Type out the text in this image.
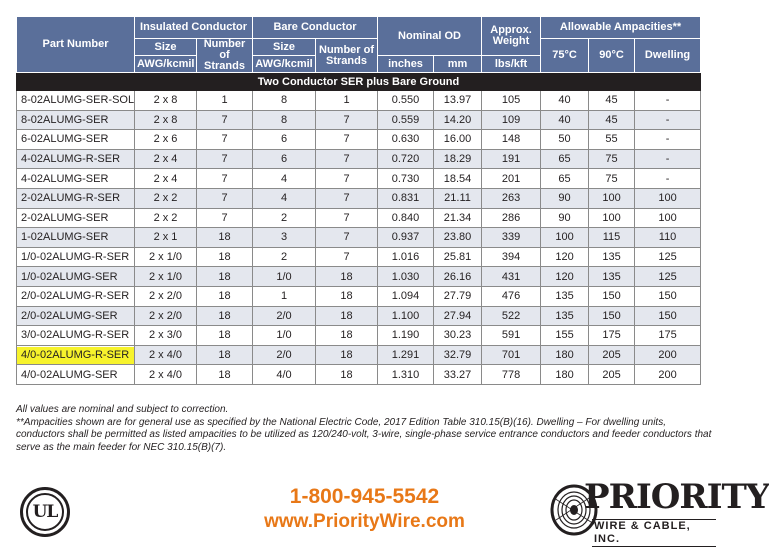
Part Number	Insulated Conductor		Bare Conductor		Nominal OD		Approx. Weight	Allowable Ampacities**		
	Size	Number of Strands	Size	Number of Strands				75°C	90°C	Dwelling
	AWG/kcmil		AWG/kcmil		inches	mm	lbs/kft			
Two Conductor SER plus Bare Ground										
8-02ALUMG-SER-SOL	2 x 8	1	8	1	0.550	13.97	105	40	45	-
8-02ALUMG-SER	2 x 8	7	8	7	0.559	14.20	109	40	45	-
6-02ALUMG-SER	2 x 6	7	6	7	0.630	16.00	148	50	55	-
4-02ALUMG-R-SER	2 x 4	7	6	7	0.720	18.29	191	65	75	-
4-02ALUMG-SER	2 x 4	7	4	7	0.730	18.54	201	65	75	-
2-02ALUMG-R-SER	2 x 2	7	4	7	0.831	21.11	263	90	100	100
2-02ALUMG-SER	2 x 2	7	2	7	0.840	21.34	286	90	100	100
1-02ALUMG-SER	2 x 1	18	3	7	0.937	23.80	339	100	115	110
1/0-02ALUMG-R-SER	2 x 1/0	18	2	7	1.016	25.81	394	120	135	125
1/0-02ALUMG-SER	2 x 1/0	18	1/0	18	1.030	26.16	431	120	135	125
2/0-02ALUMG-R-SER	2 x 2/0	18	1	18	1.094	27.79	476	135	150	150
2/0-02ALUMG-SER	2 x 2/0	18	2/0	18	1.100	27.94	522	135	150	150
3/0-02ALUMG-R-SER	2 x 3/0	18	1/0	18	1.190	30.23	591	155	175	175
4/0-02ALUMG-R-SER	2 x 4/0	18	2/0	18	1.291	32.79	701	180	205	200
4/0-02ALUMG-SER	2 x 4/0	18	4/0	18	1.310	33.27	778	180	205	200

All values are nominal and subject to correction.

**Ampacities shown are for general use as specified by the National Electric Code, 2017 Edition Table 310.15(B)(16). Dwelling – For dwelling units, conductors shall be permitted as listed ampacities to be utilized as 120/240-volt, 3-wire, single-phase service entrance conductors and feeder conductors that serve as the main feeder for NEC 310.15(B)(7).

UL
1-800-945-5542
www.PriorityWire.com
PRIORITY
WIRE & CABLE, INC.
